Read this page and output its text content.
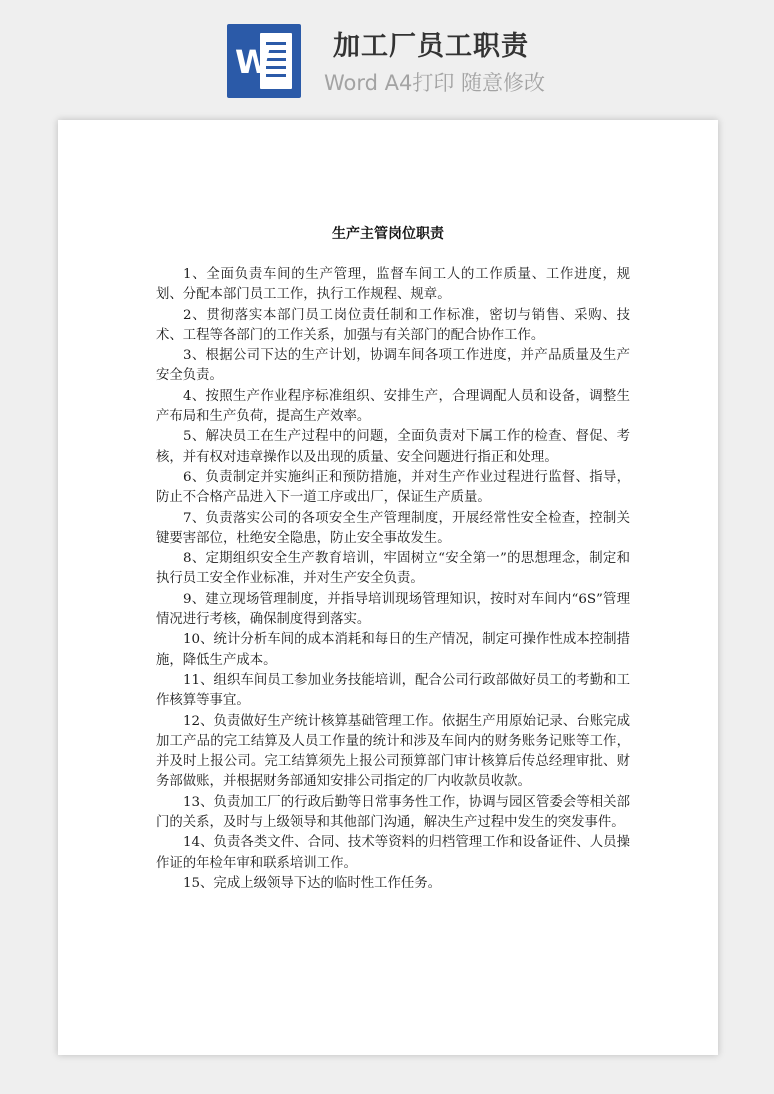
W 加工厂员工职责
Word A4打印 随意修改
生产主管岗位职责

1、全面负责车间的生产管理，监督车间工人的工作质量、工作进度，规划、分配本部门员工工作，执行工作规程、规章。

2、贯彻落实本部门员工岗位责任制和工作标准，密切与销售、采购、技术、工程等各部门的工作关系，加强与有关部门的配合协作工作。

3、根据公司下达的生产计划，协调车间各项工作进度，并产品质量及生产安全负责。

4、按照生产作业程序标准组织、安排生产，合理调配人员和设备，调整生产布局和生产负荷，提高生产效率。

5、解决员工在生产过程中的问题，全面负责对下属工作的检查、督促、考核，并有权对违章操作以及出现的质量、安全问题进行指正和处理。

6、负责制定并实施纠正和预防措施，并对生产作业过程进行监督、指导，防止不合格产品进入下一道工序或出厂，保证生产质量。

7、负责落实公司的各项安全生产管理制度，开展经常性安全检查，控制关键要害部位，杜绝安全隐患，防止安全事故发生。

8、定期组织安全生产教育培训，牢固树立“安全第一”的思想理念，制定和执行员工安全作业标准，并对生产安全负责。

9、建立现场管理制度，并指导培训现场管理知识，按时对车间内“6S”管理情况进行考核，确保制度得到落实。

10、统计分析车间的成本消耗和每日的生产情况，制定可操作性成本控制措施，降低生产成本。

11、组织车间员工参加业务技能培训，配合公司行政部做好员工的考勤和工作核算等事宜。

12、负责做好生产统计核算基础管理工作。依据生产用原始记录、台账完成加工产品的完工结算及人员工作量的统计和涉及车间内的财务账务记账等工作，并及时上报公司。完工结算须先上报公司预算部门审计核算后传总经理审批、财务部做账，并根据财务部通知安排公司指定的厂内收款员收款。

13、负责加工厂的行政后勤等日常事务性工作，协调与园区管委会等相关部门的关系，及时与上级领导和其他部门沟通，解决生产过程中发生的突发事件。

14、负责各类文件、合同、技术等资料的归档管理工作和设备证件、人员操作证的年检年审和联系培训工作。

15、完成上级领导下达的临时性工作任务。
